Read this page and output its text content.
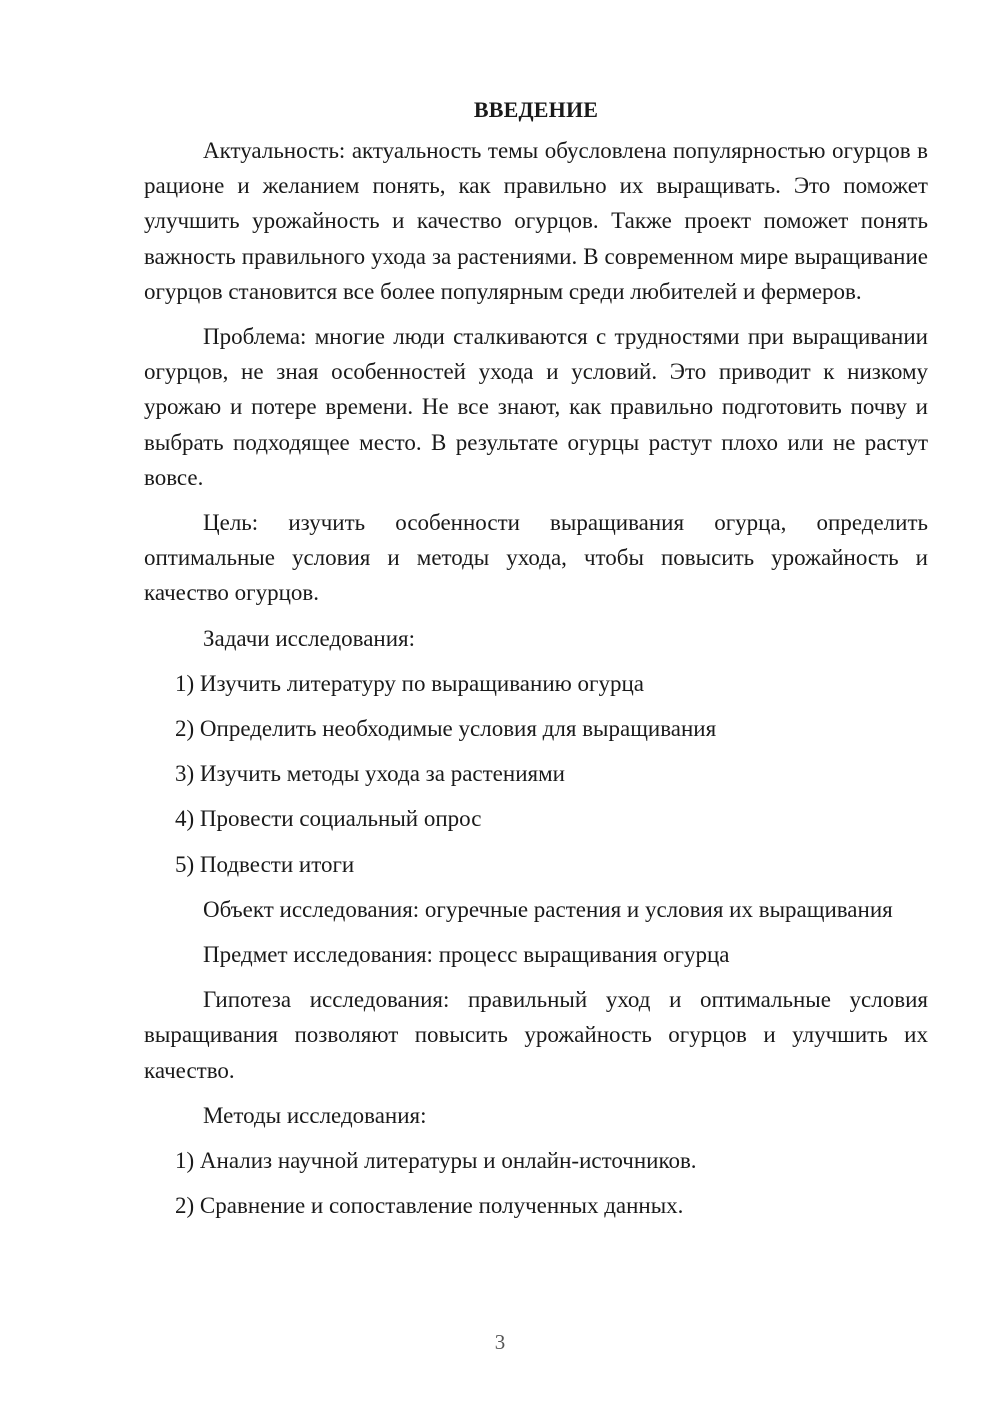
ВВЕДЕНИЕ

Актуальность: актуальность темы обусловлена популярностью огурцов в рационе и желанием понять, как правильно их выращивать. Это поможет улучшить урожайность и качество огурцов. Также проект поможет понять важность правильного ухода за растениями. В современном мире выращивание огурцов становится все более популярным среди любителей и фермеров.

Проблема: многие люди сталкиваются с трудностями при выращивании огурцов, не зная особенностей ухода и условий. Это приводит к низкому урожаю и потере времени. Не все знают, как правильно подготовить почву и выбрать подходящее место. В результате огурцы растут плохо или не растут вовсе.

Цель: изучить особенности выращивания огурца, определить оптимальные условия и методы ухода, чтобы повысить урожайность и качество огурцов.

Задачи исследования:

1) Изучить литературу по выращиванию огурца

2) Определить необходимые условия для выращивания

3) Изучить методы ухода за растениями

4) Провести социальный опрос

5) Подвести итоги

Объект исследования: огуречные растения и условия их выращивания

Предмет исследования: процесс выращивания огурца

Гипотеза исследования: правильный уход и оптимальные условия выращивания позволяют повысить урожайность огурцов и улучшить их качество.

Методы исследования:

1) Анализ научной литературы и онлайн-источников.

2) Сравнение и сопоставление полученных данных.

3
